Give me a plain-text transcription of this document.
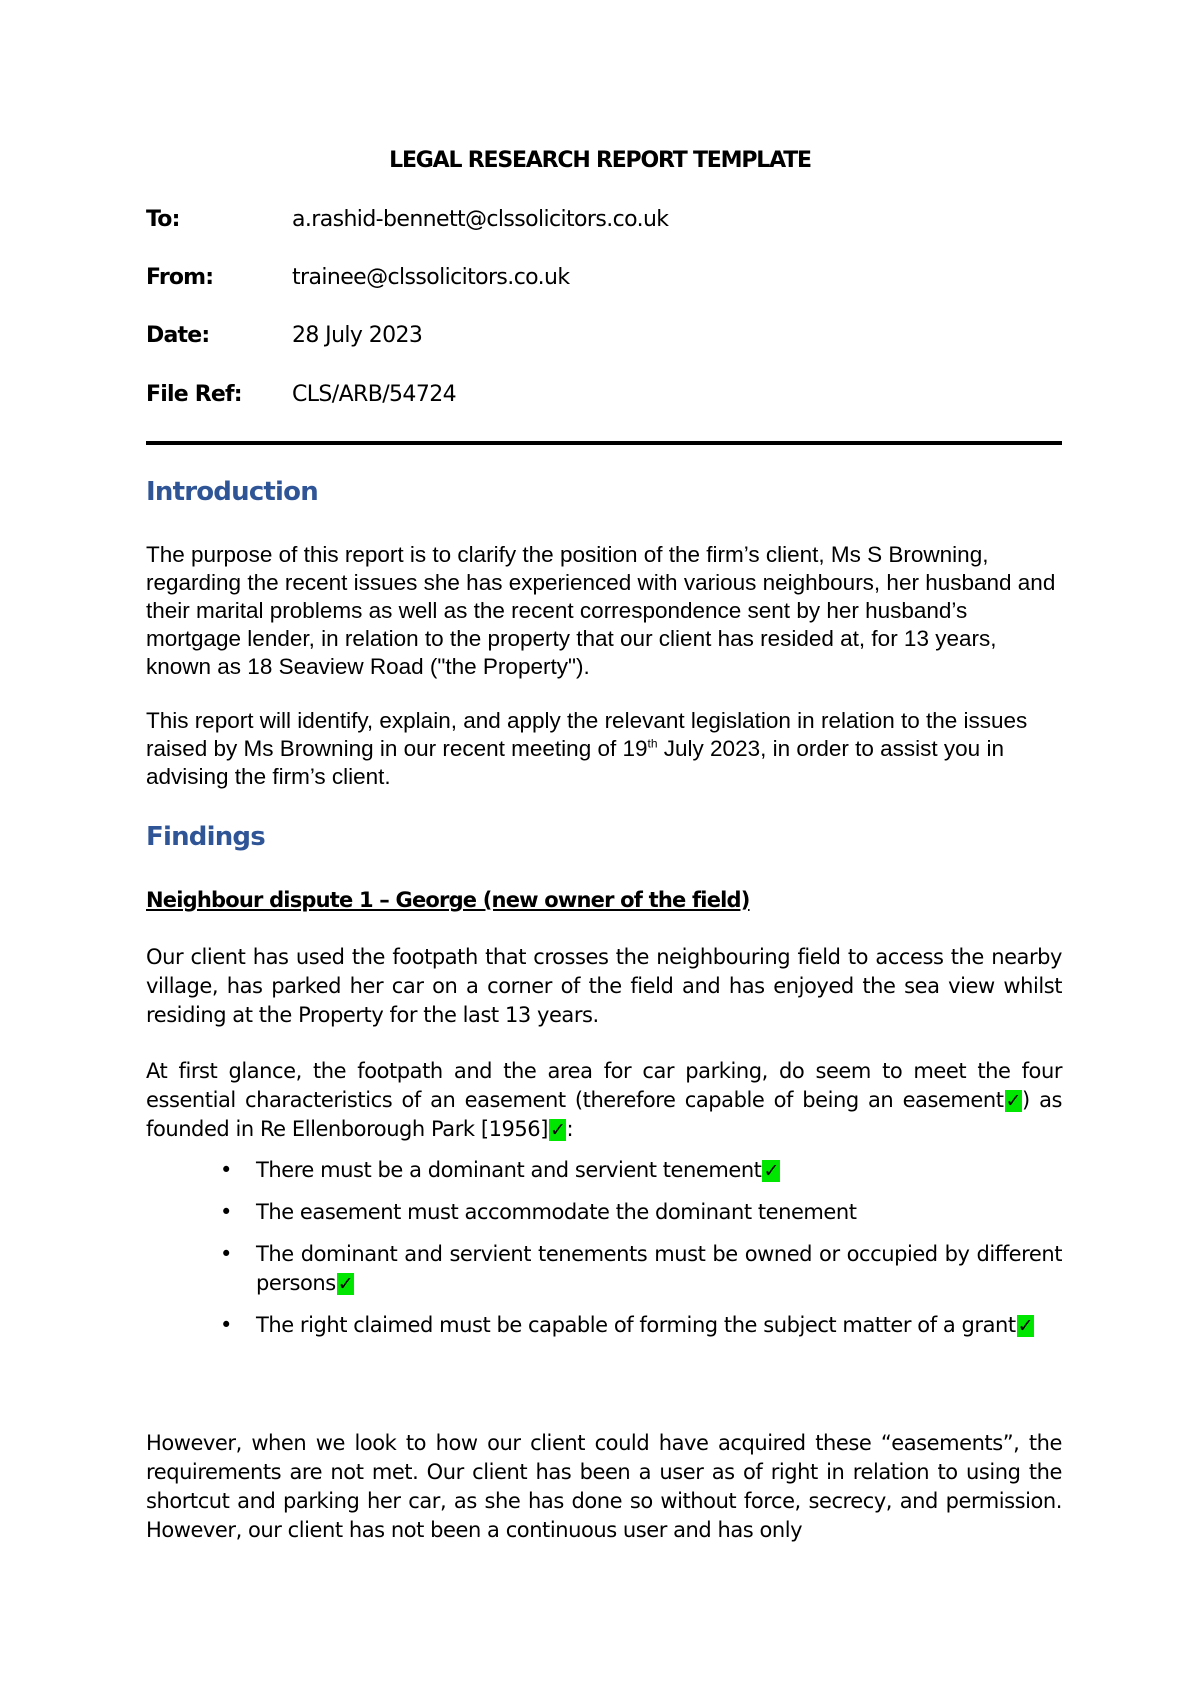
LEGAL RESEARCH REPORT TEMPLATE
To:	a.rashid-bennett@clssolicitors.co.uk
From:	trainee@clssolicitors.co.uk
Date:	28 July 2023
File Ref: CLS/ARB/54724
Introduction
The purpose of this report is to clarify the position of the firm’s client, Ms S Browning, regarding the recent issues she has experienced with various neighbours, her husband and their marital problems as well as the recent correspondence sent by her husband’s mortgage lender, in relation to the property that our client has resided at, for 13 years, known as 18 Seaview Road ("the Property").
This report will identify, explain, and apply the relevant legislation in relation to the issues raised by Ms Browning in our recent meeting of 19th July 2023, in order to assist you in advising the firm’s client.
Findings
Neighbour dispute 1 – George (new owner of the field)
Our client has used the footpath that crosses the neighbouring field to access the nearby village, has parked her car on a corner of the field and has enjoyed the sea view whilst residing at the Property for the last 13 years.
At first glance, the footpath and the area for car parking, do seem to meet the four essential characteristics of an easement (therefore capable of being an easement ✓) as founded in Re Ellenborough Park [1956] ✓:
• There must be a dominant and servient tenement ✓
• The easement must accommodate the dominant tenement
• The dominant and servient tenements must be owned or occupied by different persons ✓
• The right claimed must be capable of forming the subject matter of a grant ✓
However, when we look to how our client could have acquired these “easements”, the requirements are not met. Our client has been a user as of right in relation to using the shortcut and parking her car, as she has done so without force, secrecy, and permission. However, our client has not been a continuous user and has only
